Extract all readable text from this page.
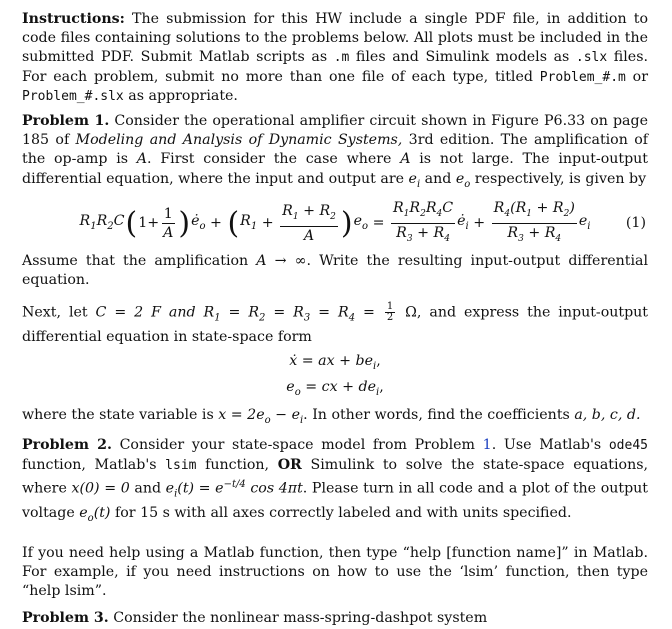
Instructions: The submission for this HW include a single PDF file, in addition to code files containing solutions to the problems below. All plots must be included in the submitted PDF. Submit Matlab scripts as .m files and Simulink models as .slx files. For each problem, submit no more than one file of each type, titled Problem_#.m or Problem_#.slx as appropriate.

Problem 1. Consider the operational amplifier circuit shown in Figure P6.33 on page 185 of Modeling and Analysis of Dynamic Systems, 3rd edition. The amplification of the op-amp is A. First consider the case where A is not large. The input-output differential equation, where the input and output are $e_i$ and $e_o$ respectively, is given by

$R_1R_2C$ ( $1+ \frac{1}{A}$ ) $ė_o$ + ( $R_1 + \frac{R_1 + R_2}{A}$ ) $e_o = \frac{R_1R_2R_4C}{R_3 + R_4}$ $ė_i + \frac{R_4(R_1 + R_2)}{R_3 + R_4} e_i$ (1)

Assume that the amplification A → ∞. Write the resulting input-output differential equation.

Next, let C = 2 F and $R_1 = R_2 = R_3 = R_4 = \frac{1}{2} \Omega$, and express the input-output differential equation in state-space form

ẋ = ax + $be_i$,
$e_o$ = cx + $de_i$,

where the state variable is $x = 2e_o - e_i$. In other words, find the coefficients a, b, c, d.

Problem 2. Consider your state-space model from Problem 1. Use Matlab's ode45 function, Matlab's lsim function, OR Simulink to solve the state-space equations, where x(0) = 0 and $e_i(t) = e^{-t/4}$ cos 4πt. Please turn in all code and a plot of the output voltage $e_o(t)$ for 15 s with all axes correctly labeled and with units specified.

If you need help using a Matlab function, then type “help [function name]” in Matlab. For example, if you need instructions on how to use the ‘lsim’ function, then type “help lsim”.

Problem 3. Consider the nonlinear mass-spring-dashpot system
